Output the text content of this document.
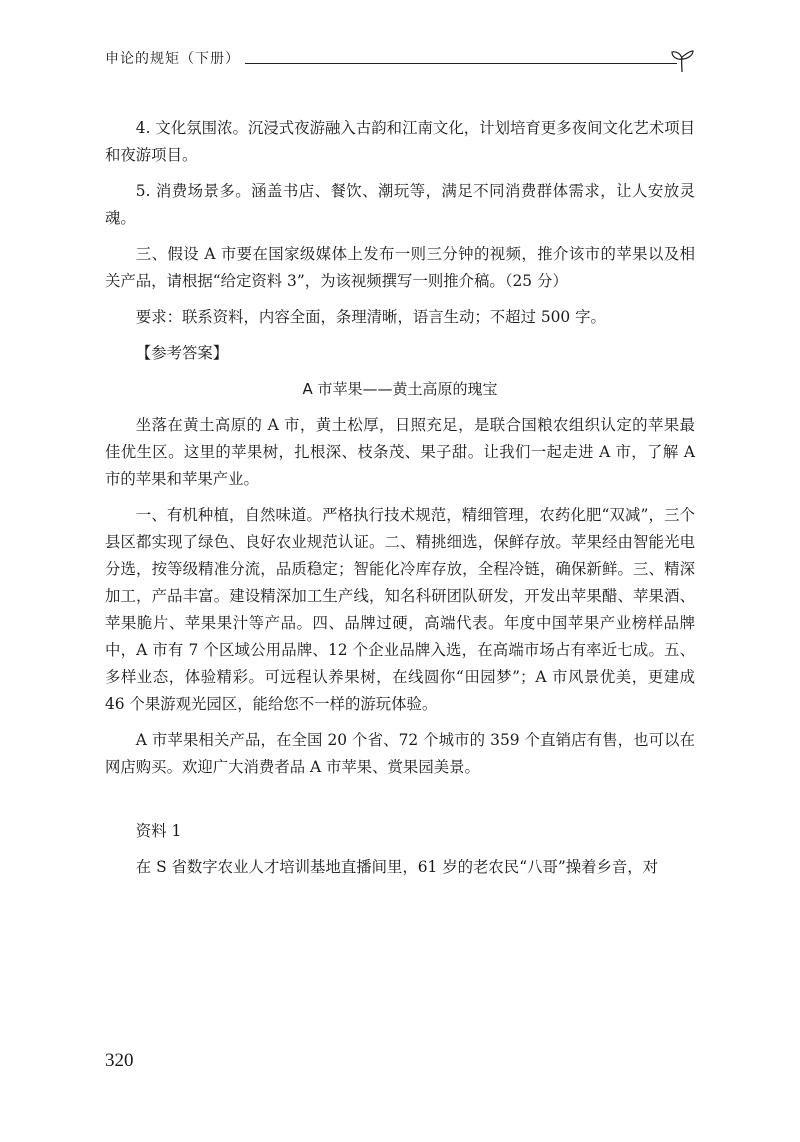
申论的规矩（下册）

4. 文化氛围浓。沉浸式夜游融入古韵和江南文化，计划培育更多夜间文化艺术项目和夜游项目。

5. 消费场景多。涵盖书店、餐饮、潮玩等，满足不同消费群体需求，让人安放灵魂。

三、假设 A 市要在国家级媒体上发布一则三分钟的视频，推介该市的苹果以及相关产品，请根据“给定资料 3”，为该视频撰写一则推介稿。（25 分）

要求：联系资料，内容全面，条理清晰，语言生动；不超过 500 字。

【参考答案】

A 市苹果——黄土高原的瑰宝

坐落在黄土高原的 A 市，黄土松厚，日照充足，是联合国粮农组织认定的苹果最佳优生区。这里的苹果树，扎根深、枝条茂、果子甜。让我们一起走进 A 市，了解 A 市的苹果和苹果产业。

一、有机种植，自然味道。严格执行技术规范，精细管理，农药化肥“双减”，三个县区都实现了绿色、良好农业规范认证。二、精挑细选，保鲜存放。苹果经由智能光电分选，按等级精准分流，品质稳定；智能化冷库存放，全程冷链，确保新鲜。三、精深加工，产品丰富。建设精深加工生产线，知名科研团队研发，开发出苹果醋、苹果酒、苹果脆片、苹果果汁等产品。四、品牌过硬，高端代表。年度中国苹果产业榜样品牌中，A 市有 7 个区域公用品牌、12 个企业品牌入选，在高端市场占有率近七成。五、多样业态，体验精彩。可远程认养果树，在线圆你“田园梦”；A 市风景优美，更建成 46 个果游观光园区，能给您不一样的游玩体验。

A 市苹果相关产品，在全国 20 个省、72 个城市的 359 个直销店有售，也可以在网店购买。欢迎广大消费者品 A 市苹果、赏果园美景。

资料 1

在 S 省数字农业人才培训基地直播间里，61 岁的老农民“八哥”操着乡音，对

320
